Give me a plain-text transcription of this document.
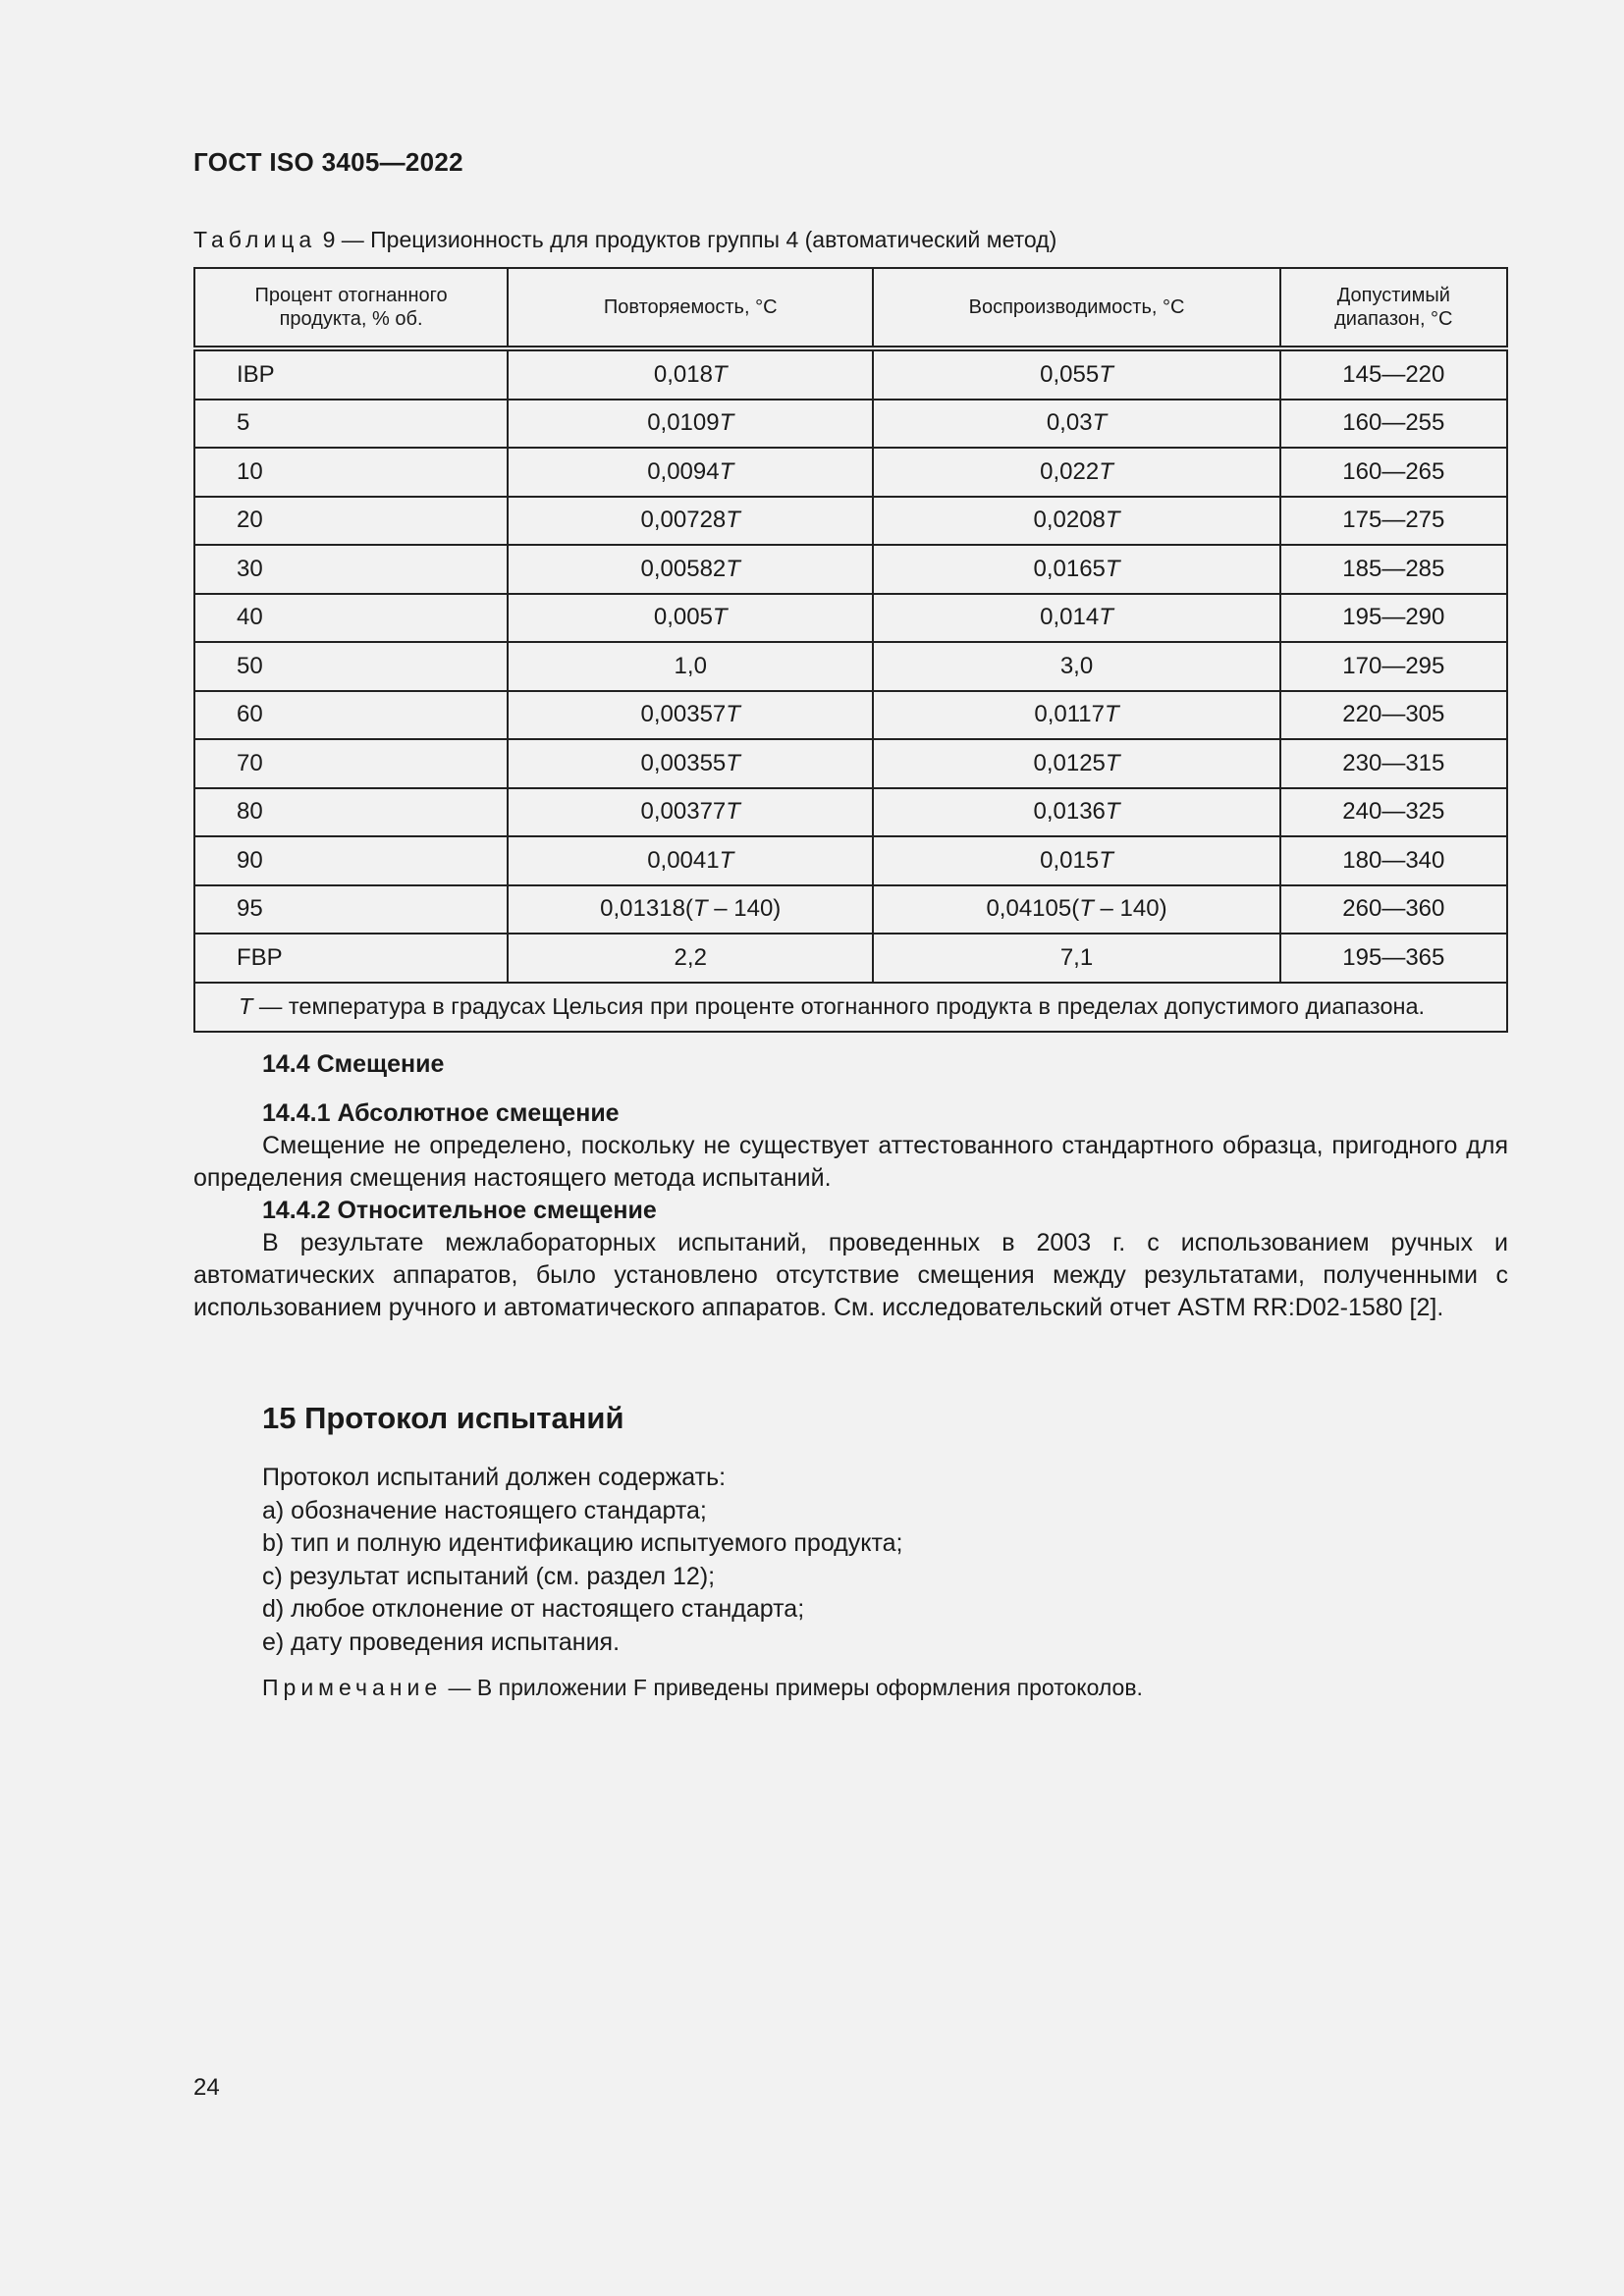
ГОСТ ISO 3405—2022
Таблица 9 — Прецизионность для продуктов группы 4 (автоматический метод)
Процент отогнанного продукта, % об.	Повторяемость, °C	Воспроизводимость, °C	Допустимый диапазон, °C

IBP	0,018T	0,055T	145—220
5	0,0109T	0,03T	160—255
10	0,0094T	0,022T	160—265
20	0,00728T	0,0208T	175—275
30	0,00582T	0,0165T	185—285
40	0,005T	0,014T	195—290
50	1,0	3,0	170—295
60	0,00357T	0,0117T	220—305
70	0,00355T	0,0125T	230—315
80	0,00377T	0,0136T	240—325
90	0,0041T	0,015T	180—340
95	0,01318(T – 140)	0,04105(T – 140)	260—360
FBP	2,2	7,1	195—365
T — температура в градусах Цельсия при проценте отогнанного продукта в пределах допустимого диапазона.			
14.4 Смещение
14.4.1 Абсолютное смещение
Смещение не определено, поскольку не существует аттестованного стандартного образца, пригодного для определения смещения настоящего метода испытаний.
14.4.2 Относительное смещение
В результате межлабораторных испытаний, проведенных в 2003 г. с использованием ручных и автоматических аппаратов, было установлено отсутствие смещения между результатами, полученными с использованием ручного и автоматического аппаратов. См. исследовательский отчет ASTM RR:D02-1580 [2].
15 Протокол испытаний
Протокол испытаний должен содержать:
a) обозначение настоящего стандарта;
b) тип и полную идентификацию испытуемого продукта;
c) результат испытаний (см. раздел 12);
d) любое отклонение от настоящего стандарта;
e) дату проведения испытания.
Примечание — В приложении F приведены примеры оформления протоколов.
24
